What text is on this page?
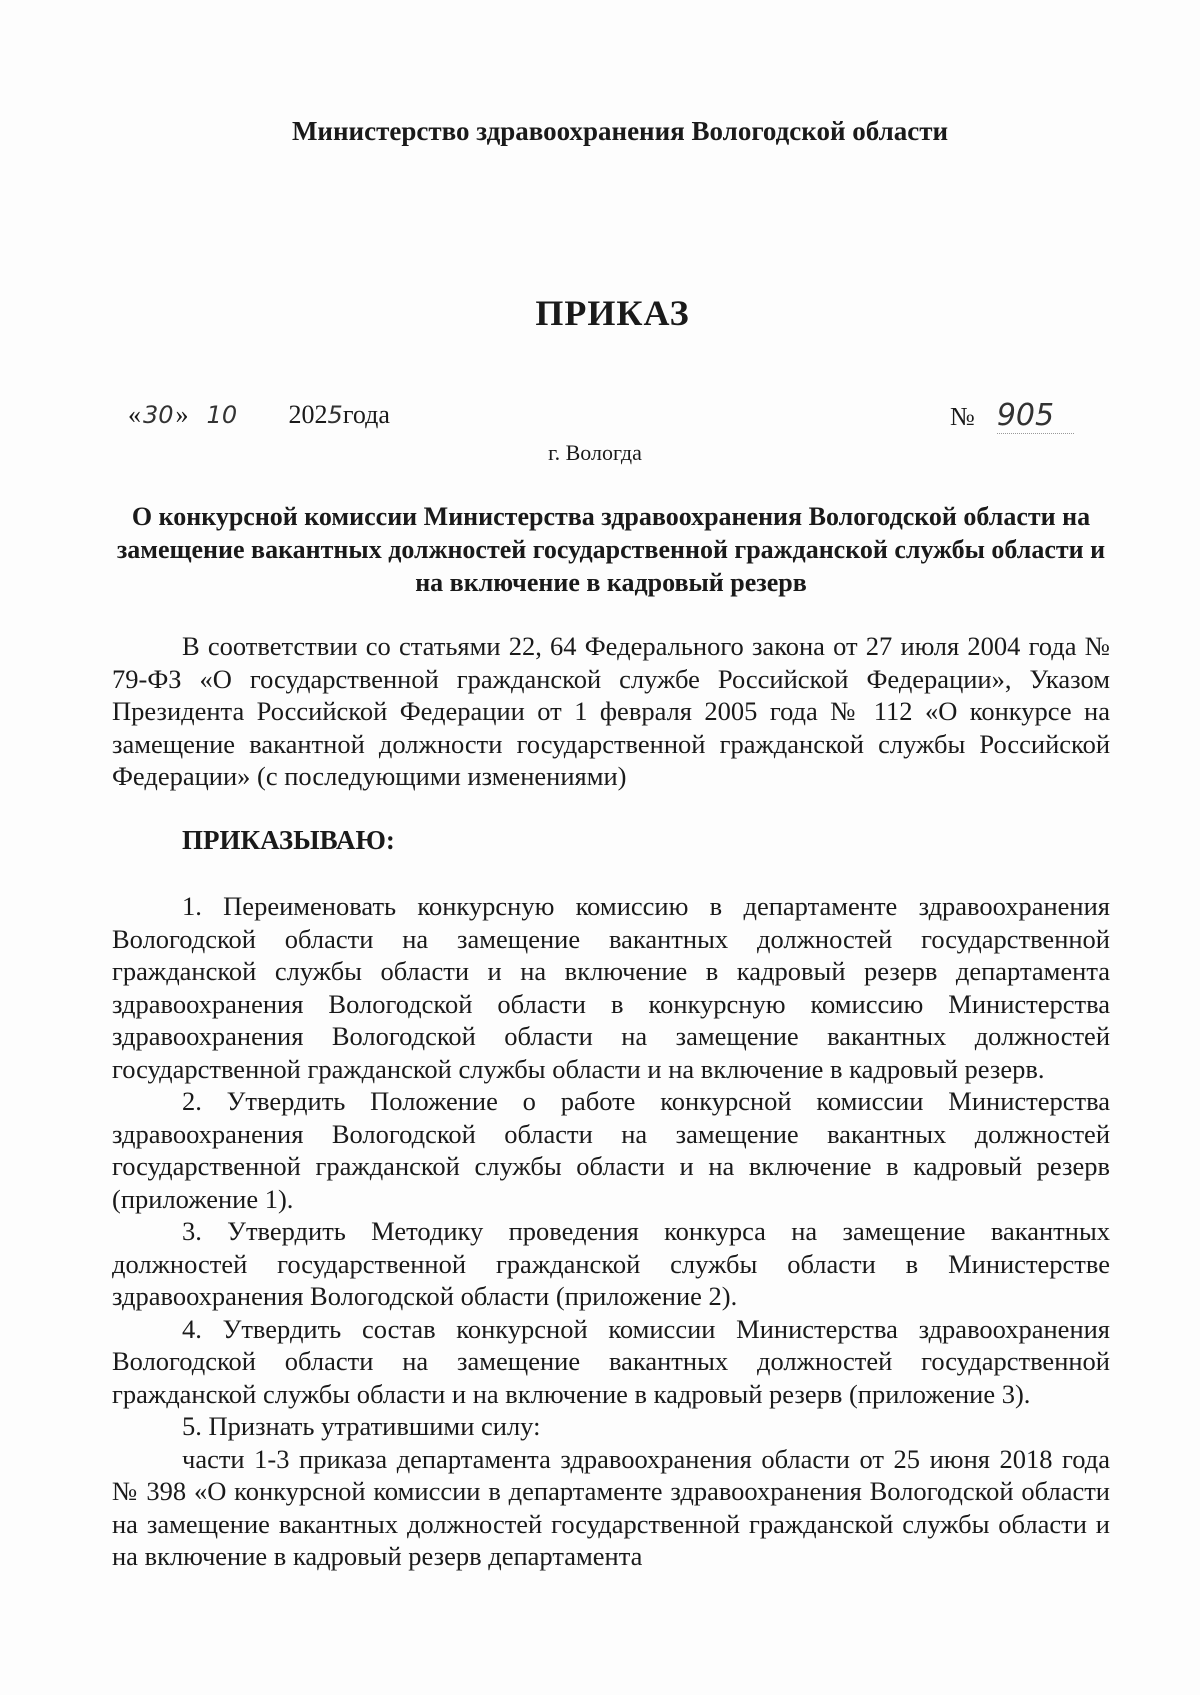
Министерство здравоохранения Вологодской области
ПРИКАЗ
«30» 10 2025года	№ 905
г. Вологда
О конкурсной комиссии Министерства здравоохранения Вологодской области на замещение вакантных должностей государственной гражданской службы области и на включение в кадровый резерв

В соответствии со статьями 22, 64 Федерального закона от 27 июля 2004 года № 79-ФЗ «О государственной гражданской службе Российской Федерации», Указом Президента Российской Федерации от 1 февраля 2005 года № 112 «О конкурсе на замещение вакантной должности государственной гражданской службы Российской Федерации» (с последующими изменениями)

ПРИКАЗЫВАЮ:

1. Переименовать конкурсную комиссию в департаменте здравоохранения Вологодской области на замещение вакантных должностей государственной гражданской службы области и на включение в кадровый резерв департамента здравоохранения Вологодской области в конкурсную комиссию Министерства здравоохранения Вологодской области на замещение вакантных должностей государственной гражданской службы области и на включение в кадровый резерв.

2. Утвердить Положение о работе конкурсной комиссии Министерства здравоохранения Вологодской области на замещение вакантных должностей государственной гражданской службы области и на включение в кадровый резерв (приложение 1).

3. Утвердить Методику проведения конкурса на замещение вакантных должностей государственной гражданской службы области в Министерстве здравоохранения Вологодской области (приложение 2).

4. Утвердить состав конкурсной комиссии Министерства здравоохранения Вологодской области на замещение вакантных должностей государственной гражданской службы области и на включение в кадровый резерв (приложение 3).

5. Признать утратившими силу:

части 1-3 приказа департамента здравоохранения области от 25 июня 2018 года № 398 «О конкурсной комиссии в департаменте здравоохранения Вологодской области на замещение вакантных должностей государственной гражданской службы области и на включение в кадровый резерв департамента
